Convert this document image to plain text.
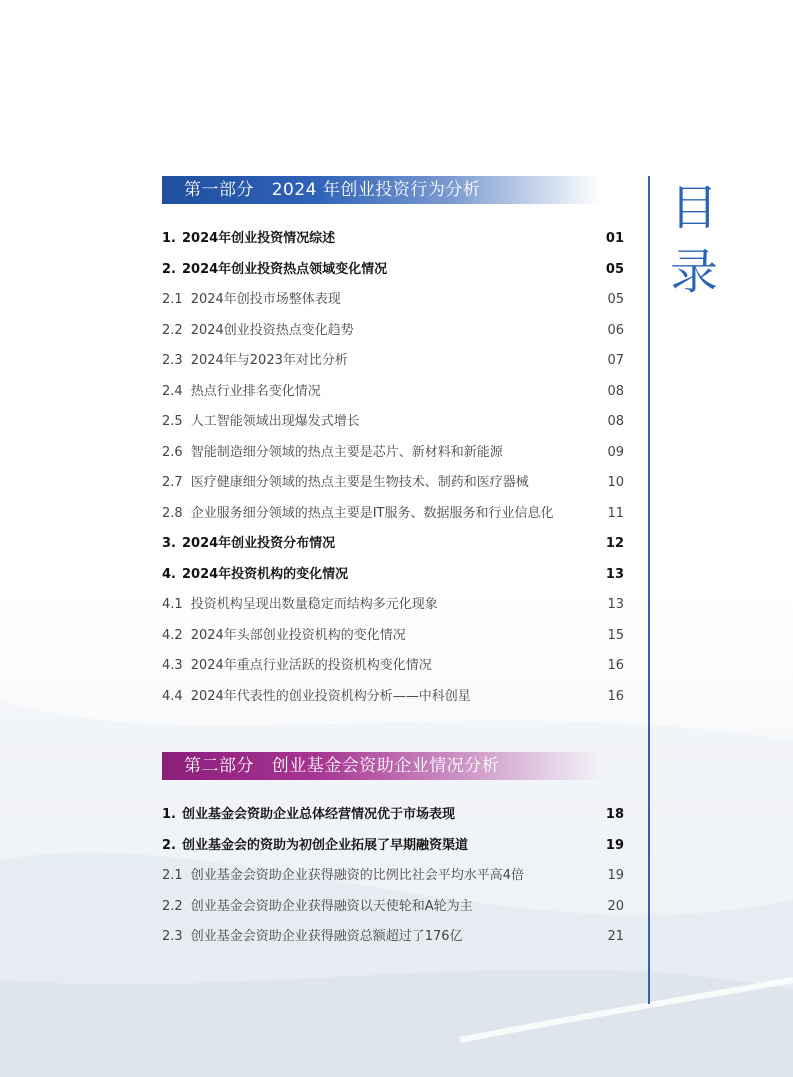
第一部分   2024 年创业投资行为分析
1. 2024年创业投资情况综述	01
2. 2024年创业投资热点领域变化情况	05
2.1 2024年创投市场整体表现	05
2.2 2024创业投资热点变化趋势	06
2.3 2024年与2023年对比分析	07
2.4 热点行业排名变化情况	08
2.5 人工智能领域出现爆发式增长	08
2.6 智能制造细分领域的热点主要是芯片、新材料和新能源	09
2.7 医疗健康细分领域的热点主要是生物技术、制药和医疗器械	10
2.8 企业服务细分领域的热点主要是IT服务、数据服务和行业信息化	11
3. 2024年创业投资分布情况	12
4. 2024年投资机构的变化情况	13
4.1 投资机构呈现出数量稳定而结构多元化现象	13
4.2 2024年头部创业投资机构的变化情况	15
4.3 2024年重点行业活跃的投资机构变化情况	16
4.4 2024年代表性的创业投资机构分析——中科创星	16
第二部分   创业基金会资助企业情况分析
1. 创业基金会资助企业总体经营情况优于市场表现	18
2. 创业基金会的资助为初创企业拓展了早期融资渠道	19
2.1 创业基金会资助企业获得融资的比例比社会平均水平高4倍	19
2.2 创业基金会资助企业获得融资以天使轮和A轮为主	20
2.3 创业基金会资助企业获得融资总额超过了176亿	21
目
录
